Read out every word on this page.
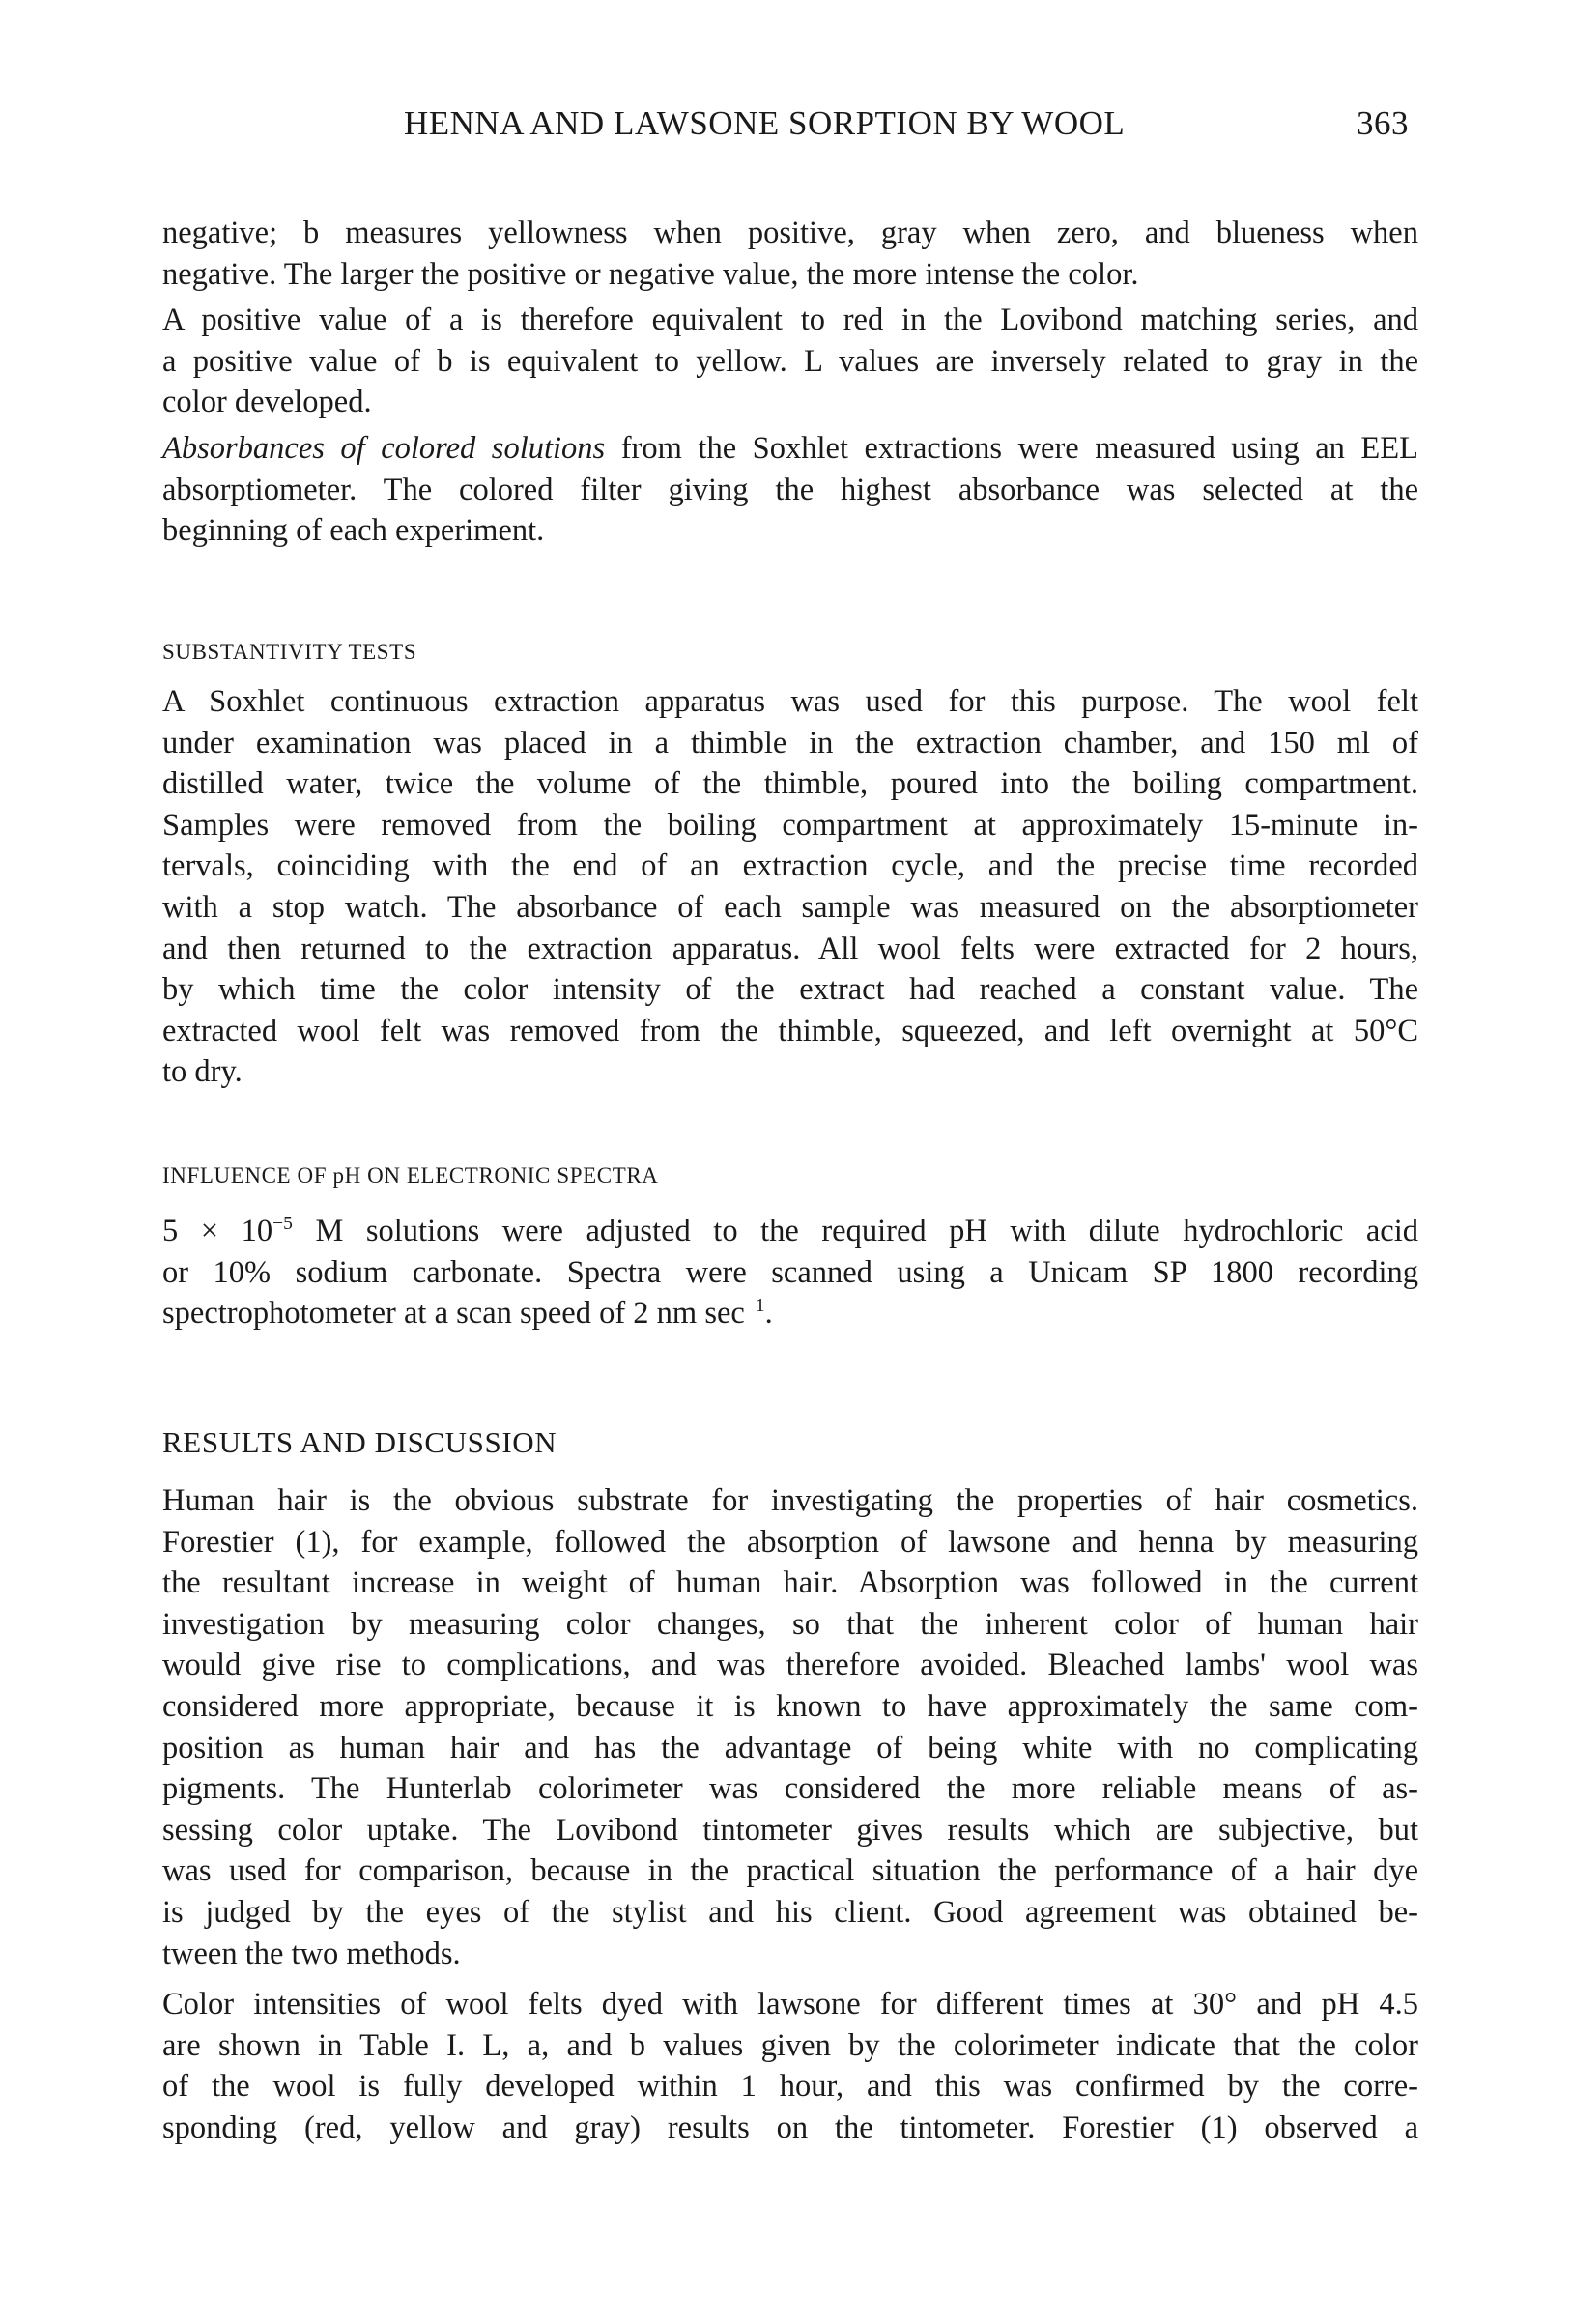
HENNA AND LAWSONE SORPTION BY WOOL	363
negative; b measures yellowness when positive, gray when zero, and blueness when
negative. The larger the positive or negative value, the more intense the color.
A positive value of a is therefore equivalent to red in the Lovibond matching series, and
a positive value of b is equivalent to yellow. L values are inversely related to gray in the
color developed.
Absorbances of colored solutions from the Soxhlet extractions were measured using an EEL
absorptiometer. The colored filter giving the highest absorbance was selected at the
beginning of each experiment.
SUBSTANTIVITY TESTS
A Soxhlet continuous extraction apparatus was used for this purpose. The wool felt
under examination was placed in a thimble in the extraction chamber, and 150 ml of
distilled water, twice the volume of the thimble, poured into the boiling compartment.
Samples were removed from the boiling compartment at approximately 15-minute in-
tervals, coinciding with the end of an extraction cycle, and the precise time recorded
with a stop watch. The absorbance of each sample was measured on the absorptiometer
and then returned to the extraction apparatus. All wool felts were extracted for 2 hours,
by which time the color intensity of the extract had reached a constant value. The
extracted wool felt was removed from the thimble, squeezed, and left overnight at 50°C
to dry.
INFLUENCE OF pH ON ELECTRONIC SPECTRA
$5 \times 10^{-5}$ M solutions were adjusted to the required pH with dilute hydrochloric acid
or 10% sodium carbonate. Spectra were scanned using a Unicam SP 1800 recording
spectrophotometer at a scan speed of 2 nm $\sec^{-1}$.
RESULTS AND DISCUSSION
Human hair is the obvious substrate for investigating the properties of hair cosmetics.
Forestier (1), for example, followed the absorption of lawsone and henna by measuring
the resultant increase in weight of human hair. Absorption was followed in the current
investigation by measuring color changes, so that the inherent color of human hair
would give rise to complications, and was therefore avoided. Bleached lambs' wool was
considered more appropriate, because it is known to have approximately the same com-
position as human hair and has the advantage of being white with no complicating
pigments. The Hunterlab colorimeter was considered the more reliable means of as-
sessing color uptake. The Lovibond tintometer gives results which are subjective, but
was used for comparison, because in the practical situation the performance of a hair dye
is judged by the eyes of the stylist and his client. Good agreement was obtained be-
tween the two methods.
Color intensities of wool felts dyed with lawsone for different times at 30° and pH 4.5
are shown in Table I. L, a, and b values given by the colorimeter indicate that the color
of the wool is fully developed within 1 hour, and this was confirmed by the corre-
sponding (red, yellow and gray) results on the tintometer. Forestier (1) observed a
